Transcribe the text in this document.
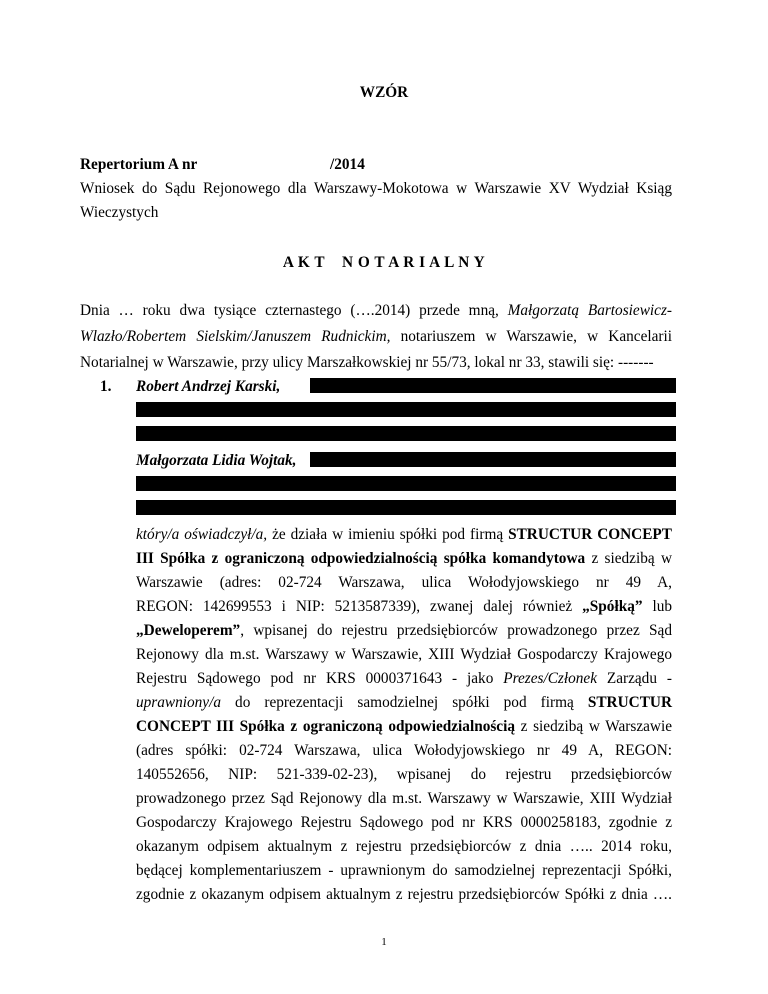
WZÓR
Repertorium A nr	/2014
Wniosek do Sądu Rejonowego dla Warszawy-Mokotowa w Warszawie XV Wydział Ksiąg
Wieczystych
A K T    N O T A R I A L N Y
Dnia … roku dwa tysiące czternastego (….2014) przede mną, Małgorzatą Bartosiewicz-
Wlazło/Robertem Sielskim/Januszem Rudnickim, notariuszem w Warszawie, w Kancelarii
Notarialnej w Warszawie, przy ulicy Marszałkowskiej nr 55/73, lokal nr 33, stawili się: -------
1. Robert Andrzej Karski,
Małgorzata Lidia Wojtak,
który/a oświadczył/a, że działa w imieniu spółki pod firmą STRUCTUR CONCEPT
III Spółka z ograniczoną odpowiedzialnością spółka komandytowa z siedzibą w
Warszawie (adres: 02-724 Warszawa, ulica Wołodyjowskiego nr 49 A,
REGON: 142699553 i NIP: 5213587339), zwanej dalej również „Spółką” lub
„Deweloperem”, wpisanej do rejestru przedsiębiorców prowadzonego przez Sąd
Rejonowy dla m.st. Warszawy w Warszawie, XIII Wydział Gospodarczy Krajowego
Rejestru Sądowego pod nr KRS 0000371643 - jako Prezes/Członek Zarządu -
uprawniony/a do reprezentacji samodzielnej spółki pod firmą STRUCTUR
CONCEPT III Spółka z ograniczoną odpowiedzialnością z siedzibą w Warszawie
(adres spółki: 02-724 Warszawa, ulica Wołodyjowskiego nr 49 A, REGON:
140552656, NIP: 521-339-02-23), wpisanej do rejestru przedsiębiorców
prowadzonego przez Sąd Rejonowy dla m.st. Warszawy w Warszawie, XIII Wydział
Gospodarczy Krajowego Rejestru Sądowego pod nr KRS 0000258183, zgodnie z
okazanym odpisem aktualnym z rejestru przedsiębiorców z dnia ….. 2014 roku,
będącej komplementariuszem - uprawnionym do samodzielnej reprezentacji Spółki,
zgodnie z okazanym odpisem aktualnym z rejestru przedsiębiorców Spółki z dnia ….
1
